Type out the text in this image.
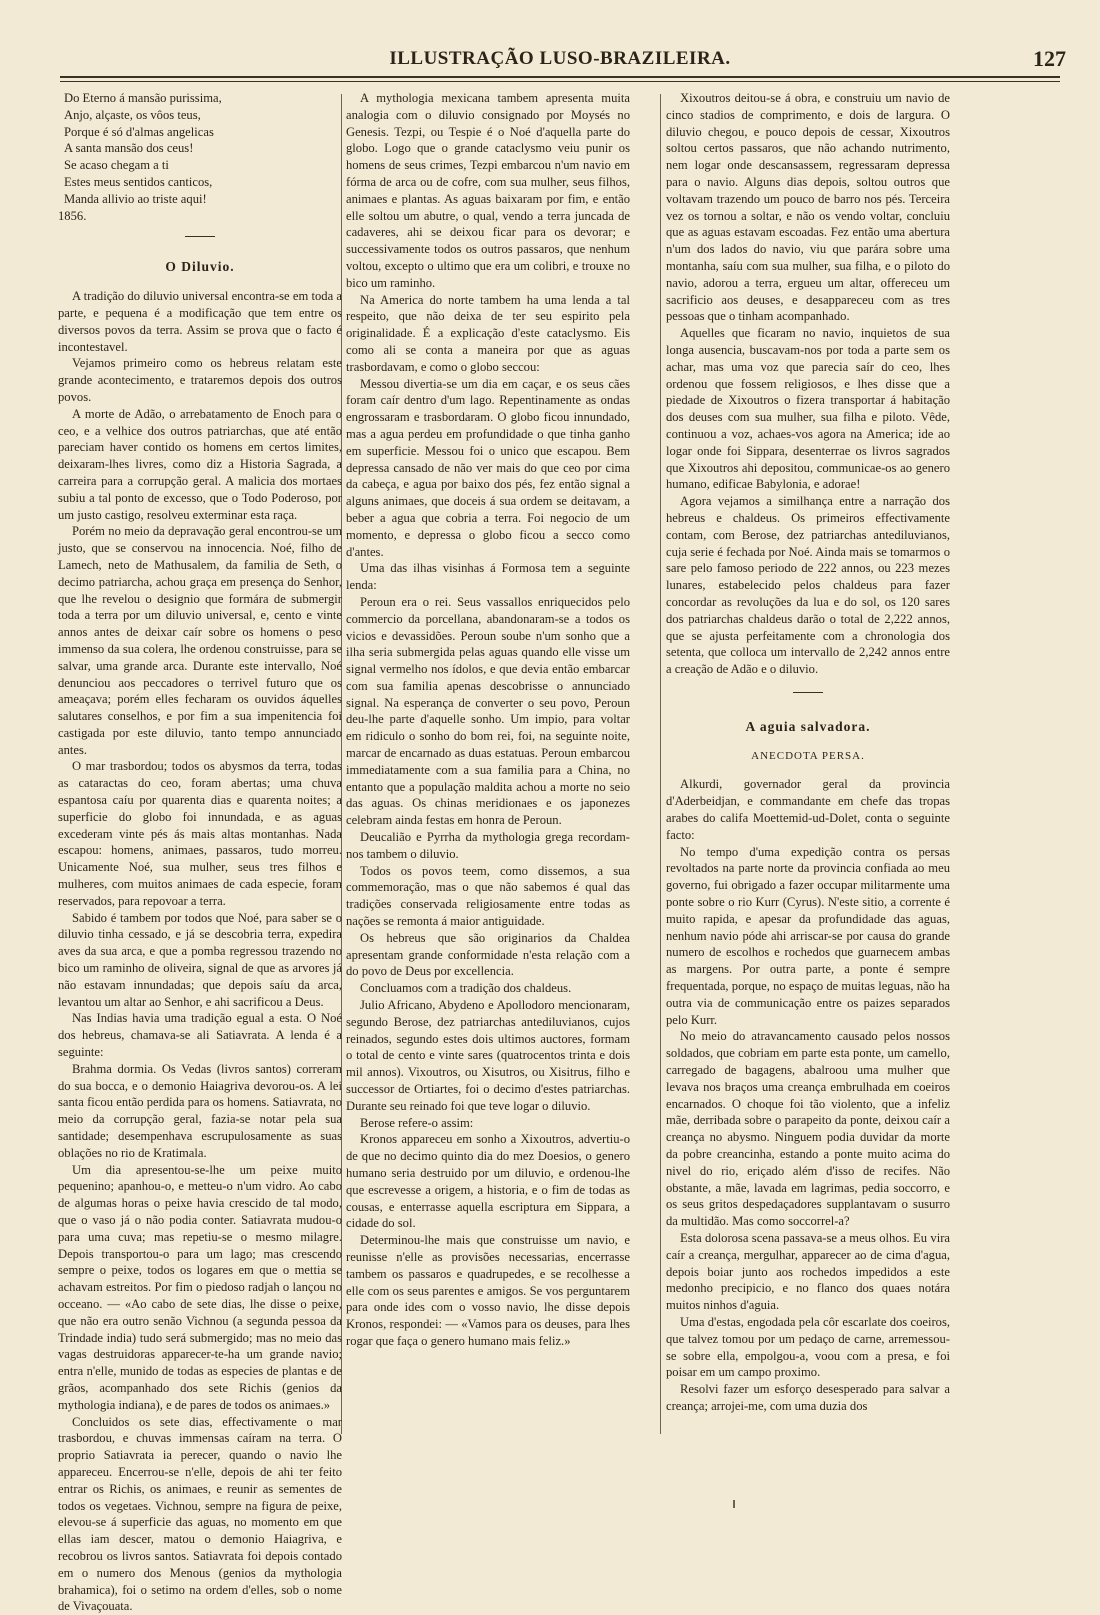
ILLUSTRAÇÃO LUSO-BRAZILEIRA.	127
Do Eterno á mansão purissima,
Anjo, alçaste, os vôos teus,
Porque é só d'almas angelicas
A santa mansão dos ceus!
Se acaso chegam a ti
Estes meus sentidos canticos,
Manda allivio ao triste aqui!
1856.
O Diluvio.

A tradição do diluvio universal encontra-se em toda a parte, e pequena é a modificação que tem entre os diversos povos da terra. Assim se prova que o facto é incontestavel.

Vejamos primeiro como os hebreus relatam este grande acontecimento, e trataremos depois dos outros povos.

A morte de Adão, o arrebatamento de Enoch para o ceo, e a velhice dos outros patriarchas, que até então pareciam haver contido os homens em certos limites, deixaram-lhes livres, como diz a Historia Sagrada, a carreira para a corrupção geral. A malicia dos mortaes subiu a tal ponto de excesso, que o Todo Poderoso, por um justo castigo, resolveu exterminar esta raça.

Porém no meio da depravação geral encontrou-se um justo, que se conservou na innocencia. Noé, filho de Lamech, neto de Mathusalem, da familia de Seth, o decimo patriarcha, achou graça em presença do Senhor, que lhe revelou o designio que formára de submergir toda a terra por um diluvio universal, e, cento e vinte annos antes de deixar caír sobre os homens o peso immenso da sua colera, lhe ordenou construisse, para se salvar, uma grande arca. Durante este intervallo, Noé denunciou aos peccadores o terrivel futuro que os ameaçava; porém elles fecharam os ouvidos áquelles salutares conselhos, e por fim a sua impenitencia foi castigada por este diluvio, tanto tempo annunciado antes.

O mar trasbordou; todos os abysmos da terra, todas as cataractas do ceo, foram abertas; uma chuva espantosa caíu por quarenta dias e quarenta noites; a superficie do globo foi innundada, e as aguas excederam vinte pés ás mais altas montanhas. Nada escapou: homens, animaes, passaros, tudo morreu. Unicamente Noé, sua mulher, seus tres filhos e mulheres, com muitos animaes de cada especie, foram reservados, para repovoar a terra.

Sabido é tambem por todos que Noé, para saber se o diluvio tinha cessado, e já se descobria terra, expedira aves da sua arca, e que a pomba regressou trazendo no bico um raminho de oliveira, signal de que as arvores já não estavam innundadas; que depois saíu da arca, levantou um altar ao Senhor, e ahi sacrificou a Deus.

Nas Indias havia uma tradição egual a esta. O Noé dos hebreus, chamava-se ali Satiavrata. A lenda é a seguinte:

Brahma dormia. Os Vedas (livros santos) correram do sua bocca, e o demonio Haiagriva devorou-os. A lei santa ficou então perdida para os homens. Satiavrata, no meio da corrupção geral, fazia-se notar pela sua santidade; desempenhava escrupulosamente as suas oblações no rio de Kratimala.

Um dia apresentou-se-lhe um peixe muito pequenino; apanhou-o, e metteu-o n'um vidro. Ao cabo de algumas horas o peixe havia crescido de tal modo, que o vaso já o não podia conter. Satiavrata mudou-o para uma cuva; mas repetiu-se o mesmo milagre. Depois transportou-o para um lago; mas crescendo sempre o peixe, todos os logares em que o mettia se achavam estreitos. Por fim o piedoso radjah o lançou no occeano. — «Ao cabo de sete dias, lhe disse o peixe, que não era outro senão Vichnou (a segunda pessoa da Trindade india) tudo será submergido; mas no meio das vagas destruidoras apparecer-te-ha um grande navio; entra n'elle, munido de todas as especies de plantas e de grãos, acompanhado dos sete Richis (genios da mythologia indiana), e de pares de todos os animaes.»

Concluidos os sete dias, effectivamente o mar trasbordou, e chuvas immensas caíram na terra. O proprio Satiavrata ia perecer, quando o navio lhe appareceu. Encerrou-se n'elle, depois de ahi ter feito entrar os Richis, os animaes, e reunir as sementes de todos os vegetaes. Vichnou, sempre na figura de peixe, elevou-se á superficie das aguas, no momento em que ellas iam descer, matou o demonio Haiagriva, e recobrou os livros santos. Satiavrata foi depois contado em o numero dos Menous (genios da mythologia brahamica), foi o setimo na ordem d'elles, sob o nome de Vivaçouata.

A mythologia mexicana tambem apresenta muita analogia com o diluvio consignado por Moysés no Genesis. Tezpi, ou Tespie é o Noé d'aquella parte do globo. Logo que o grande cataclysmo veiu punir os homens de seus crimes, Tezpi embarcou n'um navio em fórma de arca ou de cofre, com sua mulher, seus filhos, animaes e plantas. As aguas baixaram por fim, e então elle soltou um abutre, o qual, vendo a terra juncada de cadaveres, ahi se deixou ficar para os devorar; e successivamente todos os outros passaros, que nenhum voltou, excepto o ultimo que era um colibri, e trouxe no bico um raminho.

Na America do norte tambem ha uma lenda a tal respeito, que não deixa de ter seu espirito pela originalidade. É a explicação d'este cataclysmo. Eis como ali se conta a maneira por que as aguas trasbordavam, e como o globo seccou:

Messou divertia-se um dia em caçar, e os seus cães foram caír dentro d'um lago. Repentinamente as ondas engrossaram e trasbordaram. O globo ficou innundado, mas a agua perdeu em profundidade o que tinha ganho em superficie. Messou foi o unico que escapou. Bem depressa cansado de não ver mais do que ceo por cima da cabeça, e agua por baixo dos pés, fez então signal a alguns animaes, que doceis á sua ordem se deitavam, a beber a agua que cobria a terra. Foi negocio de um momento, e depressa o globo ficou a secco como d'antes.

Uma das ilhas visinhas á Formosa tem a seguinte lenda:

Peroun era o rei. Seus vassallos enriquecidos pelo commercio da porcellana, abandonaram-se a todos os vicios e devassidões. Peroun soube n'um sonho que a ilha seria submergida pelas aguas quando elle visse um signal vermelho nos ídolos, e que devia então embarcar com sua familia apenas descobrisse o annunciado signal. Na esperança de converter o seu povo, Peroun deu-lhe parte d'aquelle sonho. Um impio, para voltar em ridiculo o sonho do bom rei, foi, na seguinte noite, marcar de encarnado as duas estatuas. Peroun embarcou immediatamente com a sua familia para a China, no entanto que a população maldita achou a morte no seio das aguas. Os chinas meridionaes e os japonezes celebram ainda festas em honra de Peroun.

Deucalião e Pyrrha da mythologia grega recordam-nos tambem o diluvio.

Todos os povos teem, como dissemos, a sua commemoração, mas o que não sabemos é qual das tradições conservada religiosamente entre todas as nações se remonta á maior antiguidade.

Os hebreus que são originarios da Chaldea apresentam grande conformidade n'esta relação com a do povo de Deus por excellencia.

Concluamos com a tradição dos chaldeus.

Julio Africano, Abydeno e Apollodoro mencionaram, segundo Berose, dez patriarchas antediluvianos, cujos reinados, segundo estes dois ultimos auctores, formam o total de cento e vinte sares (quatrocentos trinta e dois mil annos). Vixoutros, ou Xisutros, ou Xisitrus, filho e successor de Ortiartes, foi o decimo d'estes patriarchas. Durante seu reinado foi que teve logar o diluvio.

Berose refere-o assim:

Kronos appareceu em sonho a Xixoutros, advertiu-o de que no decimo quinto dia do mez Doesios, o genero humano seria destruido por um diluvio, e ordenou-lhe que escrevesse a origem, a historia, e o fim de todas as cousas, e enterrasse aquella escriptura em Sippara, a cidade do sol.

Determinou-lhe mais que construisse um navio, e reunisse n'elle as provisões necessarias, encerrasse tambem os passaros e quadrupedes, e se recolhesse a elle com os seus parentes e amigos. Se vos perguntarem para onde ides com o vosso navio, lhe disse depois Kronos, respondei: — «Vamos para os deuses, para lhes rogar que faça o genero humano mais feliz.»

Xixoutros deitou-se á obra, e construiu um navio de cinco stadios de comprimento, e dois de largura. O diluvio chegou, e pouco depois de cessar, Xixoutros soltou certos passaros, que não achando nutrimento, nem logar onde descansassem, regressaram depressa para o navio. Alguns dias depois, soltou outros que voltavam trazendo um pouco de barro nos pés. Terceira vez os tornou a soltar, e não os vendo voltar, concluiu que as aguas estavam escoadas. Fez então uma abertura n'um dos lados do navio, viu que parára sobre uma montanha, saíu com sua mulher, sua filha, e o piloto do navio, adorou a terra, ergueu um altar, offereceu um sacrificio aos deuses, e desappareceu com as tres pessoas que o tinham acompanhado.

Aquelles que ficaram no navio, inquietos de sua longa ausencia, buscavam-nos por toda a parte sem os achar, mas uma voz que parecia saír do ceo, lhes ordenou que fossem religiosos, e lhes disse que a piedade de Xixoutros o fizera transportar á habitação dos deuses com sua mulher, sua filha e piloto. Vêde, continuou a voz, achaes-vos agora na America; ide ao logar onde foi Sippara, desenterrae os livros sagrados que Xixoutros ahi depositou, communicae-os ao genero humano, edificae Babylonia, e adorae!

Agora vejamos a similhança entre a narração dos hebreus e chaldeus. Os primeiros effectivamente contam, com Berose, dez patriarchas antediluvianos, cuja serie é fechada por Noé. Ainda mais se tomarmos o sare pelo famoso periodo de 222 annos, ou 223 mezes lunares, estabelecido pelos chaldeus para fazer concordar as revoluções da lua e do sol, os 120 sares dos patriarchas chaldeus darão o total de 2,222 annos, que se ajusta perfeitamente com a chronologia dos setenta, que colloca um intervallo de 2,242 annos entre a creação de Adão e o diluvio.

A aguia salvadora.
ANECDOTA PERSA.

Alkurdi, governador geral da provincia d'Aderbeidjan, e commandante em chefe das tropas arabes do califa Moettemid-ud-Dolet, conta o seguinte facto:

No tempo d'uma expedição contra os persas revoltados na parte norte da provincia confiada ao meu governo, fui obrigado a fazer occupar militarmente uma ponte sobre o rio Kurr (Cyrus). N'este sitio, a corrente é muito rapida, e apesar da profundidade das aguas, nenhum navio póde ahi arriscar-se por causa do grande numero de escolhos e rochedos que guarnecem ambas as margens. Por outra parte, a ponte é sempre frequentada, porque, no espaço de muitas leguas, não ha outra via de communicação entre os paizes separados pelo Kurr.

No meio do atravancamento causado pelos nossos soldados, que cobriam em parte esta ponte, um camello, carregado de bagagens, abalroou uma mulher que levava nos braços uma creança embrulhada em coeiros encarnados. O choque foi tão violento, que a infeliz mãe, derribada sobre o parapeito da ponte, deixou caír a creança no abysmo. Ninguem podia duvidar da morte da pobre creancinha, estando a ponte muito acima do nivel do rio, eriçado além d'isso de recifes. Não obstante, a mãe, lavada em lagrimas, pedia soccorro, e os seus gritos despedaçadores supplantavam o susurro da multidão. Mas como soccorrel-a?

Esta dolorosa scena passava-se a meus olhos. Eu vira caír a creança, mergulhar, apparecer ao de cima d'agua, depois boiar junto aos rochedos impedidos a este medonho precipicio, e no flanco dos quaes notára muitos ninhos d'aguia.

Uma d'estas, engodada pela côr escarlate dos coeiros, que talvez tomou por um pedaço de carne, arremessou-se sobre ella, empolgou-a, voou com a presa, e foi poisar em um campo proximo.

Resolvi fazer um esforço desesperado para salvar a creança; arrojei-me, com uma duzia dos
